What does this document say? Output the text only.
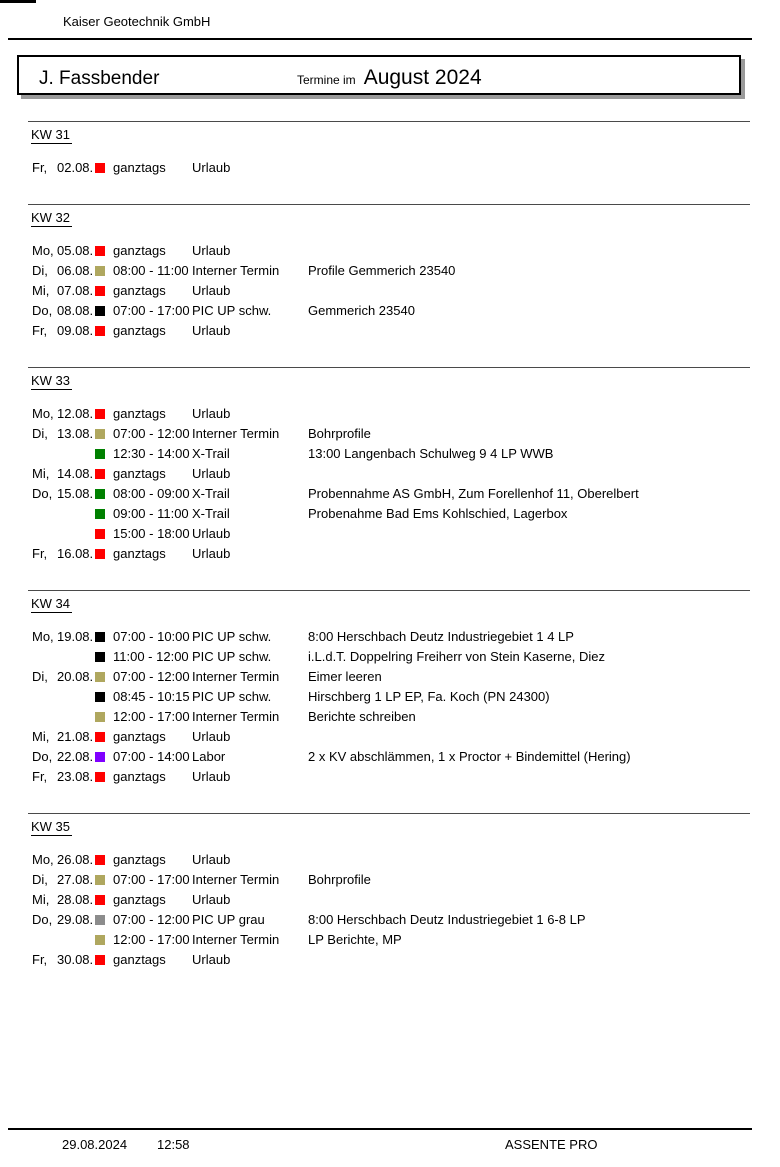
Kaiser Geotechnik GmbH
J. Fassbender	Termine im August 2024
KW 31
Fr, 02.08. ganztags	Urlaub
KW 32
Mo, 05.08. ganztags	Urlaub
Di, 06.08. 08:00 - 11:00 Interner Termin	Profile Gemmerich 23540
Mi, 07.08. ganztags	Urlaub
Do, 08.08. 07:00 - 17:00 PIC UP schw.	Gemmerich 23540
Fr, 09.08. ganztags	Urlaub
KW 33
Mo, 12.08. ganztags	Urlaub
Di, 13.08. 07:00 - 12:00 Interner Termin	Bohrprofile
12:30 - 14:00 X-Trail	13:00 Langenbach Schulweg 9 4 LP WWB
Mi, 14.08. ganztags	Urlaub
Do, 15.08. 08:00 - 09:00 X-Trail	Probennahme AS GmbH, Zum Forellenhof 11, Oberelbert
09:00 - 11:00 X-Trail	Probenahme Bad Ems Kohlschied, Lagerbox
15:00 - 18:00 Urlaub
Fr, 16.08. ganztags	Urlaub
KW 34
Mo, 19.08. 07:00 - 10:00 PIC UP schw.	8:00 Herschbach Deutz Industriegebiet 1 4 LP
11:00 - 12:00 PIC UP schw.	i.L.d.T. Doppelring Freiherr von Stein Kaserne, Diez
Di, 20.08. 07:00 - 12:00 Interner Termin	Eimer leeren
08:45 - 10:15 PIC UP schw.	Hirschberg 1 LP EP, Fa. Koch (PN 24300)
12:00 - 17:00 Interner Termin	Berichte schreiben
Mi, 21.08. ganztags	Urlaub
Do, 22.08. 07:00 - 14:00 Labor	2 x KV abschlämmen, 1 x Proctor + Bindemittel (Hering)
Fr, 23.08. ganztags	Urlaub
KW 35
Mo, 26.08. ganztags	Urlaub
Di, 27.08. 07:00 - 17:00 Interner Termin	Bohrprofile
Mi, 28.08. ganztags	Urlaub
Do, 29.08. 07:00 - 12:00 PIC UP grau	8:00 Herschbach Deutz Industriegebiet 1 6-8 LP
12:00 - 17:00 Interner Termin	LP Berichte, MP
Fr, 30.08. ganztags	Urlaub
29.08.2024 12:58	ASSENTE PRO
